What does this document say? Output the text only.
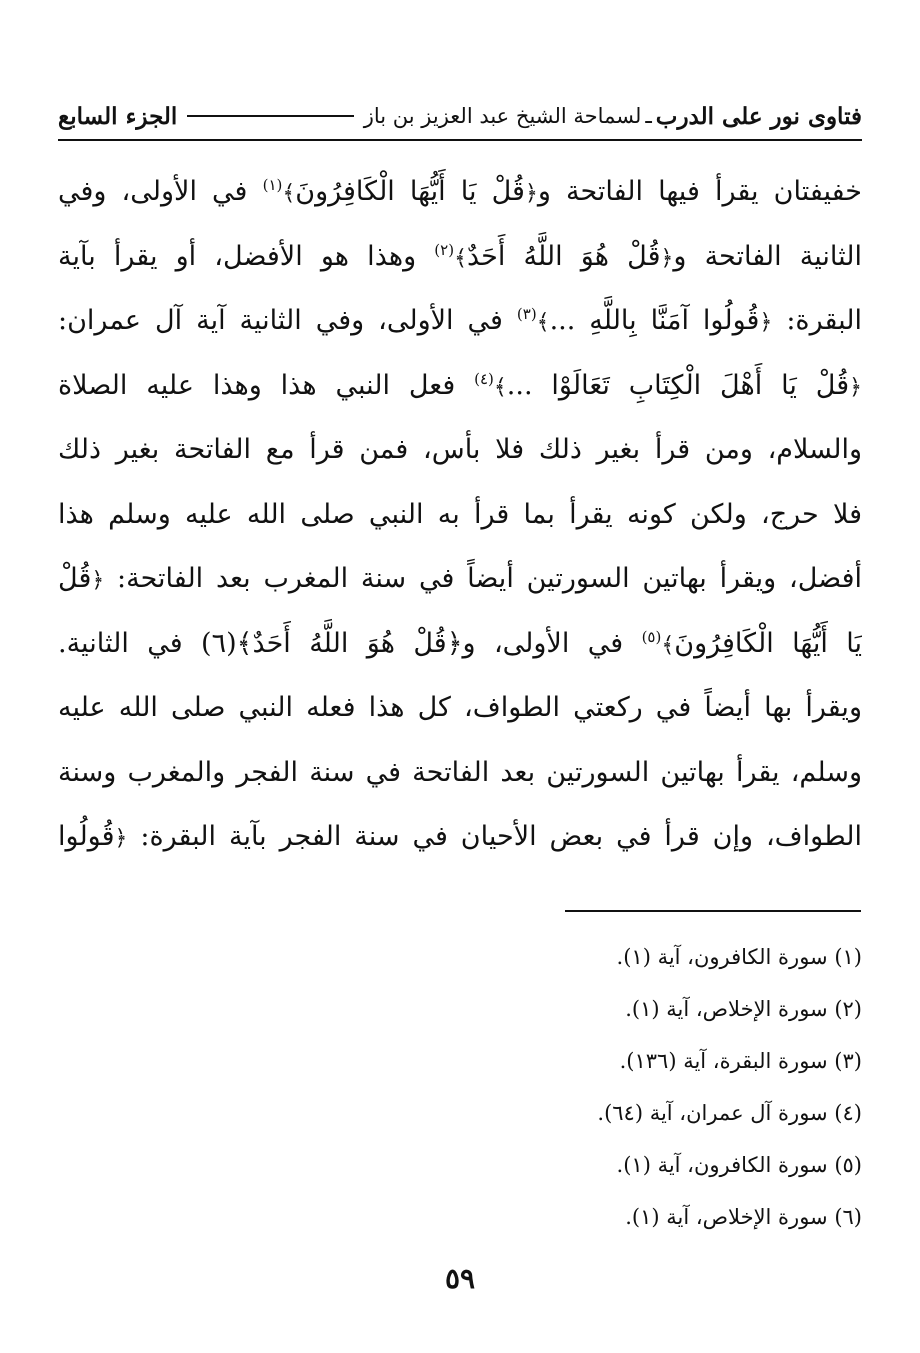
فتاوى نور على الدرب
ـ
لسماحة الشيخ عبد العزيز بن باز
الجزء السابع
خفيفتان يقرأ فيها الفاتحة و﴿قُلْ يَا أَيُّهَا الْكَافِرُونَ﴾$^{(١)}$ في الأولى، وفي
الثانية الفاتحة و﴿قُلْ هُوَ اللَّهُ أَحَدٌ﴾$^{(٢)}$ وهذا هو الأفضل، أو يقرأ بآية
البقرة: ﴿قُولُوا آمَنَّا بِاللَّهِ ...﴾$^{(٣)}$ في الأولى، وفي الثانية آية آل عمران:
﴿قُلْ يَا أَهْلَ الْكِتَابِ تَعَالَوْا ...﴾$^{(٤)}$ فعل النبي هذا وهذا عليه الصلاة
والسلام، ومن قرأ بغير ذلك فلا بأس، فمن قرأ مع الفاتحة بغير ذلك
فلا حرج، ولكن كونه يقرأ بما قرأ به النبي صلى الله عليه وسلم هذا
أفضل، ويقرأ بهاتين السورتين أيضاً في سنة المغرب بعد الفاتحة: ﴿قُلْ
يَا أَيُّهَا الْكَافِرُونَ﴾$^{(٥)}$ في الأولى، و﴿قُلْ هُوَ اللَّهُ أَحَدٌ﴾(٦) في الثانية.
ويقرأ بها أيضاً في ركعتي الطواف، كل هذا فعله النبي صلى الله عليه
وسلم، يقرأ بهاتين السورتين بعد الفاتحة في سنة الفجر والمغرب وسنة
الطواف، وإن قرأ في بعض الأحيان في سنة الفجر بآية البقرة: ﴿قُولُوا
(١) سورة الكافرون، آية (١).
(٢) سورة الإخلاص، آية (١).
(٣) سورة البقرة، آية (١٣٦).
(٤) سورة آل عمران، آية (٦٤).
(٥) سورة الكافرون، آية (١).
(٦) سورة الإخلاص، آية (١).
٥٩
